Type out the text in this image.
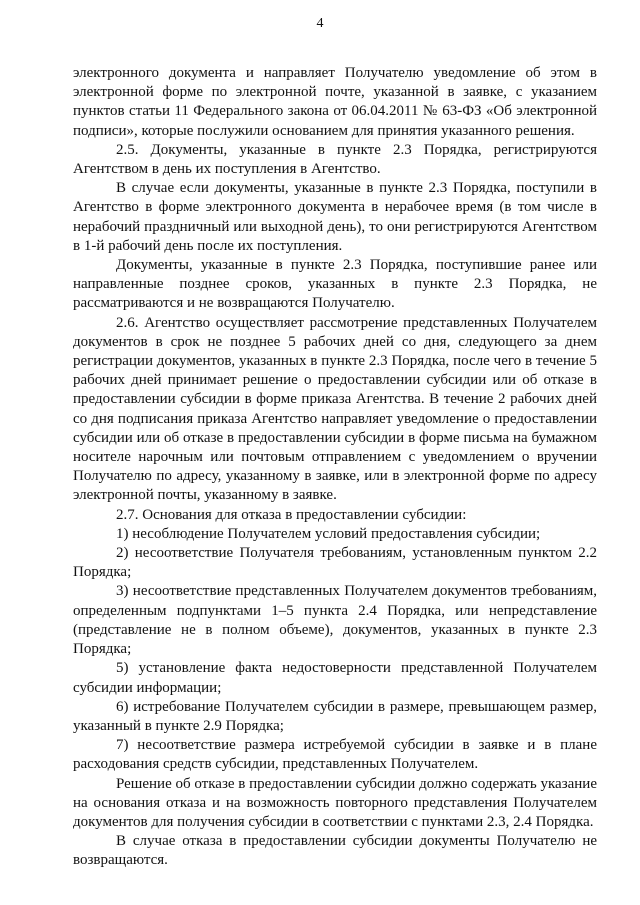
4

электронного документа и направляет Получателю уведомление об этом в электронной форме по электронной почте, указанной в заявке, с указанием пунктов статьи 11 Федерального закона от 06.04.2011 № 63-ФЗ «Об электронной подписи», которые послужили основанием для принятия указанного решения.

2.5. Документы, указанные в пункте 2.3 Порядка, регистрируются Агентством в день их поступления в Агентство.

В случае если документы, указанные в пункте 2.3 Порядка, поступили в Агентство в форме электронного документа в нерабочее время (в том числе в нерабочий праздничный или выходной день), то они регистрируются Агентством в 1-й рабочий день после их поступления.

Документы, указанные в пункте 2.3 Порядка, поступившие ранее или направленные позднее сроков, указанных в пункте 2.3 Порядка, не рассматриваются и не возвращаются Получателю.

2.6. Агентство осуществляет рассмотрение представленных Получателем документов в срок не позднее 5 рабочих дней со дня, следующего за днем регистрации документов, указанных в пункте 2.3 Порядка, после чего в течение 5 рабочих дней принимает решение о предоставлении субсидии или об отказе в предоставлении субсидии в форме приказа Агентства. В течение 2 рабочих дней со дня подписания приказа Агентство направляет уведомление о предоставлении субсидии или об отказе в предоставлении субсидии в форме письма на бумажном носителе нарочным или почтовым отправлением с уведомлением о вручении Получателю по адресу, указанному в заявке, или в электронной форме по адресу электронной почты, указанному в заявке.

2.7. Основания для отказа в предоставлении субсидии:

1) несоблюдение Получателем условий предоставления субсидии;

2) несоответствие Получателя требованиям, установленным пунктом 2.2 Порядка;

3) несоответствие представленных Получателем документов требованиям, определенным подпунктами 1–5 пункта 2.4 Порядка, или непредставление (представление не в полном объеме), документов, указанных в пункте 2.3 Порядка;

5) установление факта недостоверности представленной Получателем субсидии информации;

6) истребование Получателем субсидии в размере, превышающем размер, указанный в пункте 2.9 Порядка;

7) несоответствие размера истребуемой субсидии в заявке и в плане расходования средств субсидии, представленных Получателем.

Решение об отказе в предоставлении субсидии должно содержать указание на основания отказа и на возможность повторного представления Получателем документов для получения субсидии в соответствии с пунктами 2.3, 2.4 Порядка.

В случае отказа в предоставлении субсидии документы Получателю не возвращаются.
